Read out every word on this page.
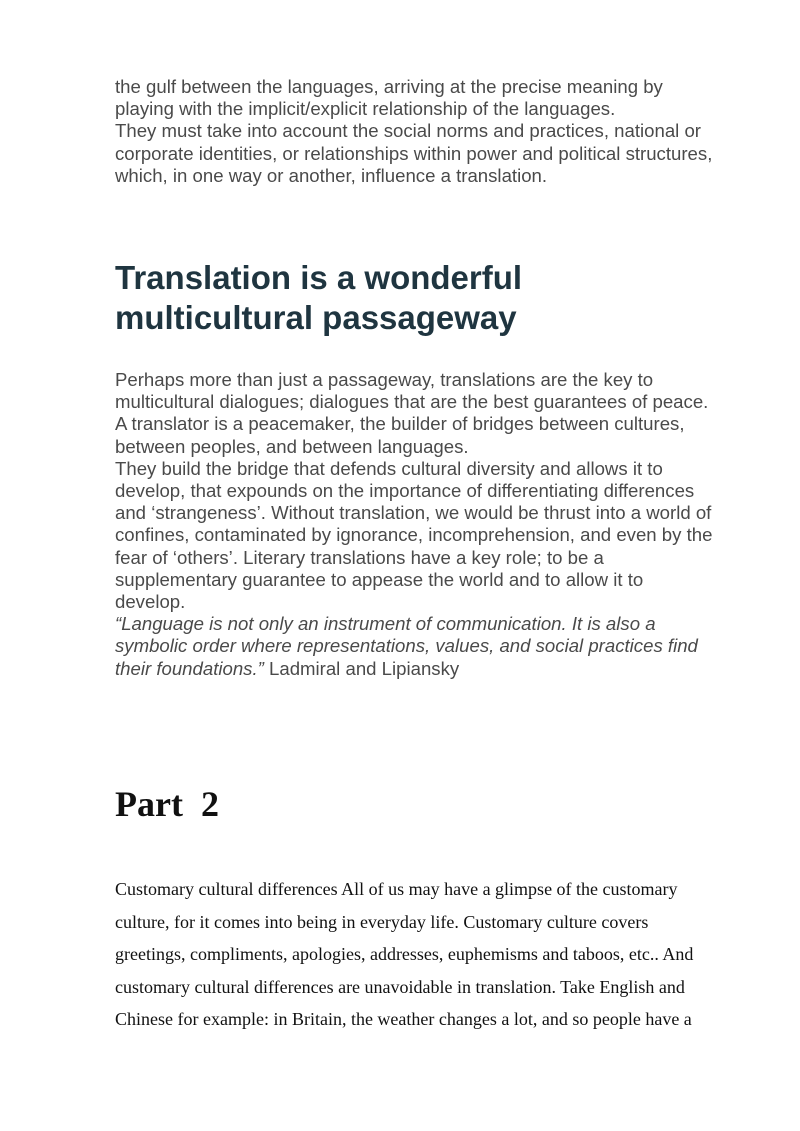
the gulf between the languages, arriving at the precise meaning by
playing with the implicit/explicit relationship of the languages.
They must take into account the social norms and practices, national or
corporate identities, or relationships within power and political structures,
which, in one way or another, influence a translation.
Translation is a wonderful
multicultural passageway
Perhaps more than just a passageway, translations are the key to
multicultural dialogues; dialogues that are the best guarantees of peace.
A translator is a peacemaker, the builder of bridges between cultures,
between peoples, and between languages.
They build the bridge that defends cultural diversity and allows it to
develop, that expounds on the importance of differentiating differences
and ‘strangeness’. Without translation, we would be thrust into a world of
confines, contaminated by ignorance, incomprehension, and even by the
fear of ‘others’. Literary translations have a key role; to be a
supplementary guarantee to appease the world and to allow it to
develop.
“Language is not only an instrument of communication. It is also a
symbolic order where representations, values, and social practices find
their foundations.” Ladmiral and Lipiansky
Part  2
Customary cultural differences All of us may have a glimpse of the customary
culture, for it comes into being in everyday life. Customary culture covers
greetings, compliments, apologies, addresses, euphemisms and taboos, etc.. And
customary cultural differences are unavoidable in translation. Take English and
Chinese for example: in Britain, the weather changes a lot, and so people have a
